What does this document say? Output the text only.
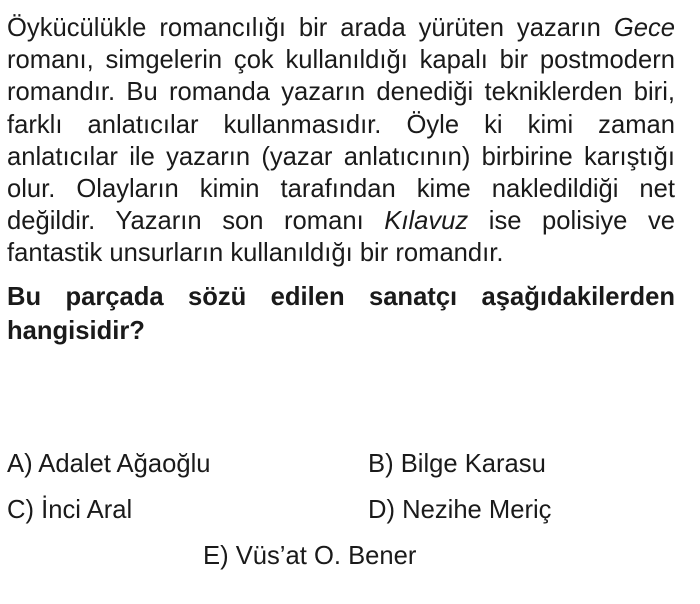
Öykücülükle romancılığı bir arada yürüten yazarın Gece romanı, simgelerin çok kullanıldığı kapalı bir postmodern romandır. Bu romanda yazarın denediği tekniklerden biri, farklı anlatıcılar kullanmasıdır. Öyle ki kimi zaman anlatıcılar ile yazarın (yazar anlatıcının) birbirine karıştığı olur. Olayların kimin tarafından kime nakledildiği net değildir. Yazarın son romanı Kılavuz ise polisiye ve fantastik unsurların kullanıldığı bir romandır.

Bu parçada sözü edilen sanatçı aşağıdakilerden hangisidir?

A) Adalet Ağaoğlu	B) Bilge Karasu
C) İnci Aral	D) Nezihe Meriç
E) Vüs’at O. Bener
